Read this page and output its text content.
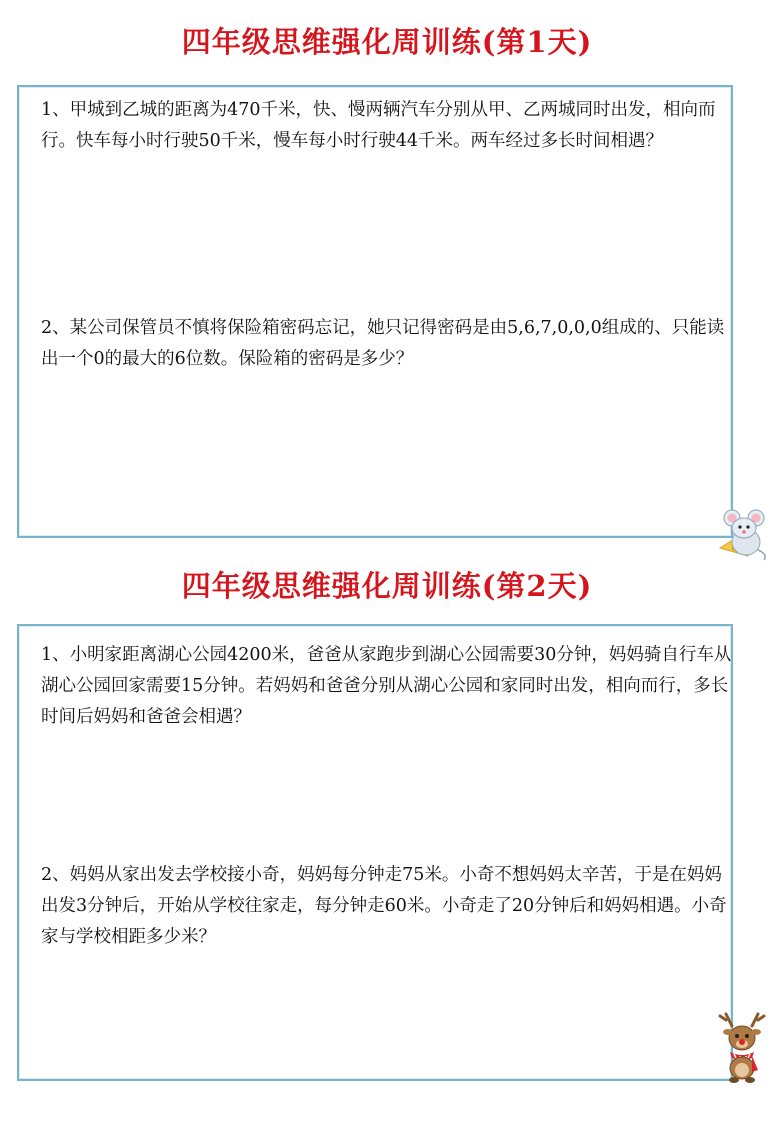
四年级思维强化周训练(第1天)

1、甲城到乙城的距离为470千米，快、慢两辆汽车分别从甲、乙两城同时出发，相向而行。快车每小时行驶50千米，慢车每小时行驶44千米。两车经过多长时间相遇？

2、某公司保管员不慎将保险箱密码忘记，她只记得密码是由5,6,7,0,0,0组成的、只能读出一个0的最大的6位数。保险箱的密码是多少？

四年级思维强化周训练(第2天)

1、小明家距离湖心公园4200米，爸爸从家跑步到湖心公园需要30分钟，妈妈骑自行车从湖心公园回家需要15分钟。若妈妈和爸爸分别从湖心公园和家同时出发，相向而行，多长时间后妈妈和爸爸会相遇？

2、妈妈从家出发去学校接小奇，妈妈每分钟走75米。小奇不想妈妈太辛苦，于是在妈妈出发3分钟后，开始从学校往家走，每分钟走60米。小奇走了20分钟后和妈妈相遇。小奇家与学校相距多少米？
